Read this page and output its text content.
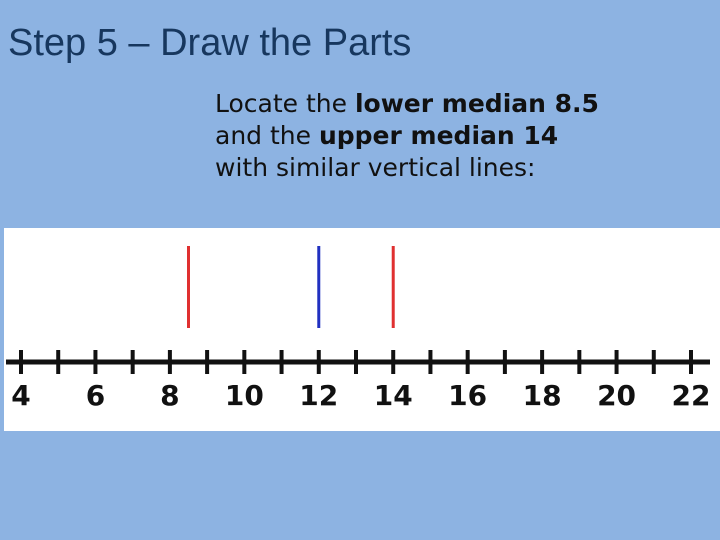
Step 5 – Draw the Parts
Locate the lower median 8.5
and the upper median 14
with similar vertical lines:
4 6 8 10 12 14 16 18 20 22
